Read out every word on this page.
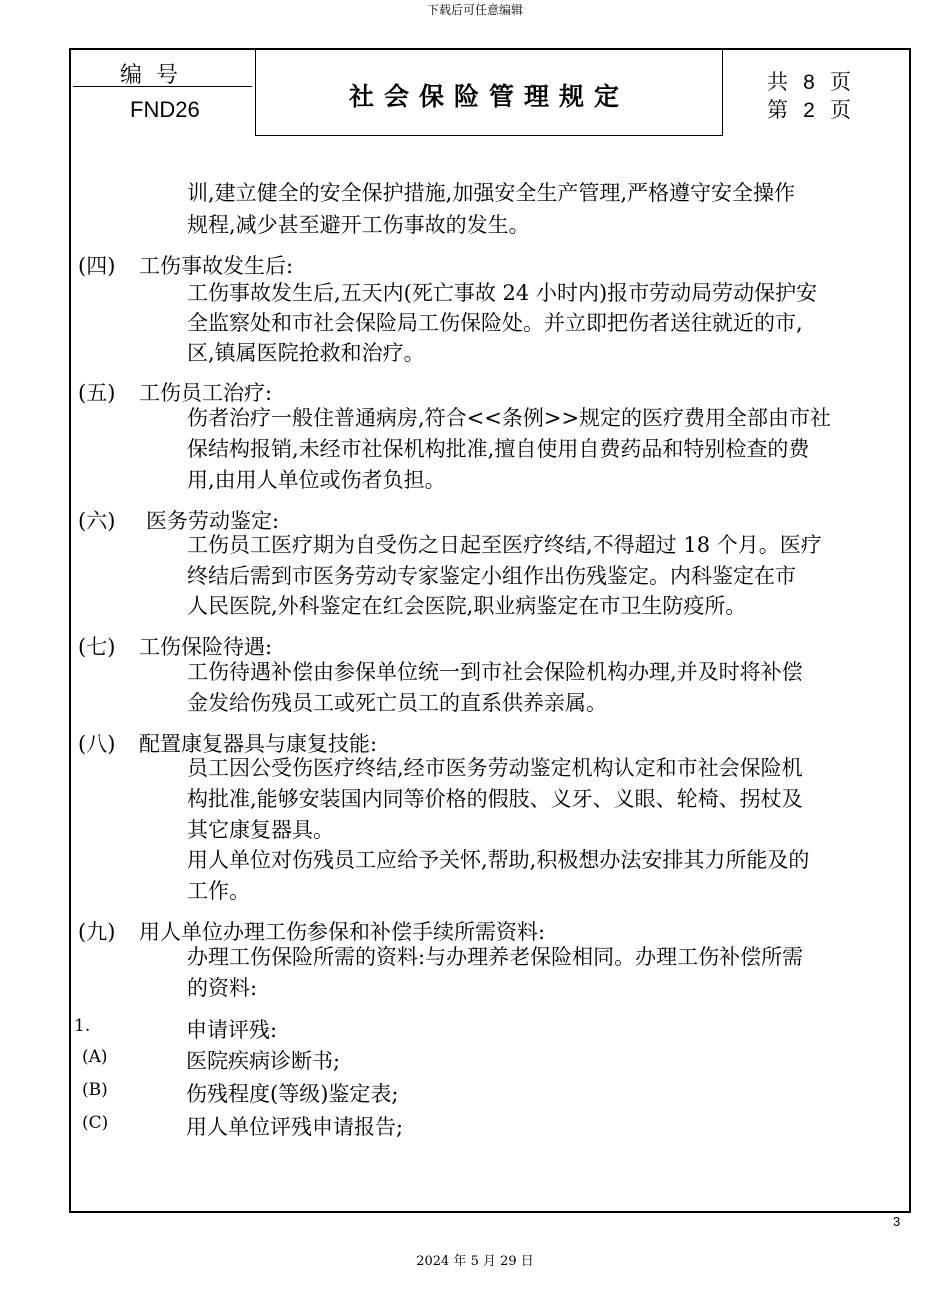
下载后可任意编辑
社会保险管理规定
编号
FND26
共 8 页
第 2 页
训,建立健全的安全保护措施,加强安全生产管理,严格遵守安全操作
规程,减少甚至避开工伤事故的发生。
(四) 工伤事故发生后:
工伤事故发生后,五天内(死亡事故 24 小时内)报市劳动局劳动保护安
全监察处和市社会保险局工伤保险处。并立即把伤者送往就近的市,
区,镇属医院抢救和治疗。
(五) 工伤员工治疗:
伤者治疗一般住普通病房,符合<<条例>>规定的医疗费用全部由市社
保结构报销,未经市社保机构批准,擅自使用自费药品和特别检查的费
用,由用人单位或伤者负担。
(六) 医务劳动鉴定:
工伤员工医疗期为自受伤之日起至医疗终结,不得超过 18 个月。医疗
终结后需到市医务劳动专家鉴定小组作出伤残鉴定。内科鉴定在市
人民医院,外科鉴定在红会医院,职业病鉴定在市卫生防疫所。
(七) 工伤保险待遇:
工伤待遇补偿由参保单位统一到市社会保险机构办理,并及时将补偿
金发给伤残员工或死亡员工的直系供养亲属。
(八) 配置康复器具与康复技能:
员工因公受伤医疗终结,经市医务劳动鉴定机构认定和市社会保险机
构批准,能够安装国内同等价格的假肢、义牙、义眼、轮椅、拐杖及
其它康复器具。
用人单位对伤残员工应给予关怀,帮助,积极想办法安排其力所能及的
工作。
(九) 用人单位办理工伤参保和补偿手续所需资料:
办理工伤保险所需的资料:与办理养老保险相同。办理工伤补偿所需
的资料:
1.	申请评残:
(A)	医院疾病诊断书;
(B)	伤残程度(等级)鉴定表;
(C)	用人单位评残申请报告;
3
2024 年 5 月 29 日
